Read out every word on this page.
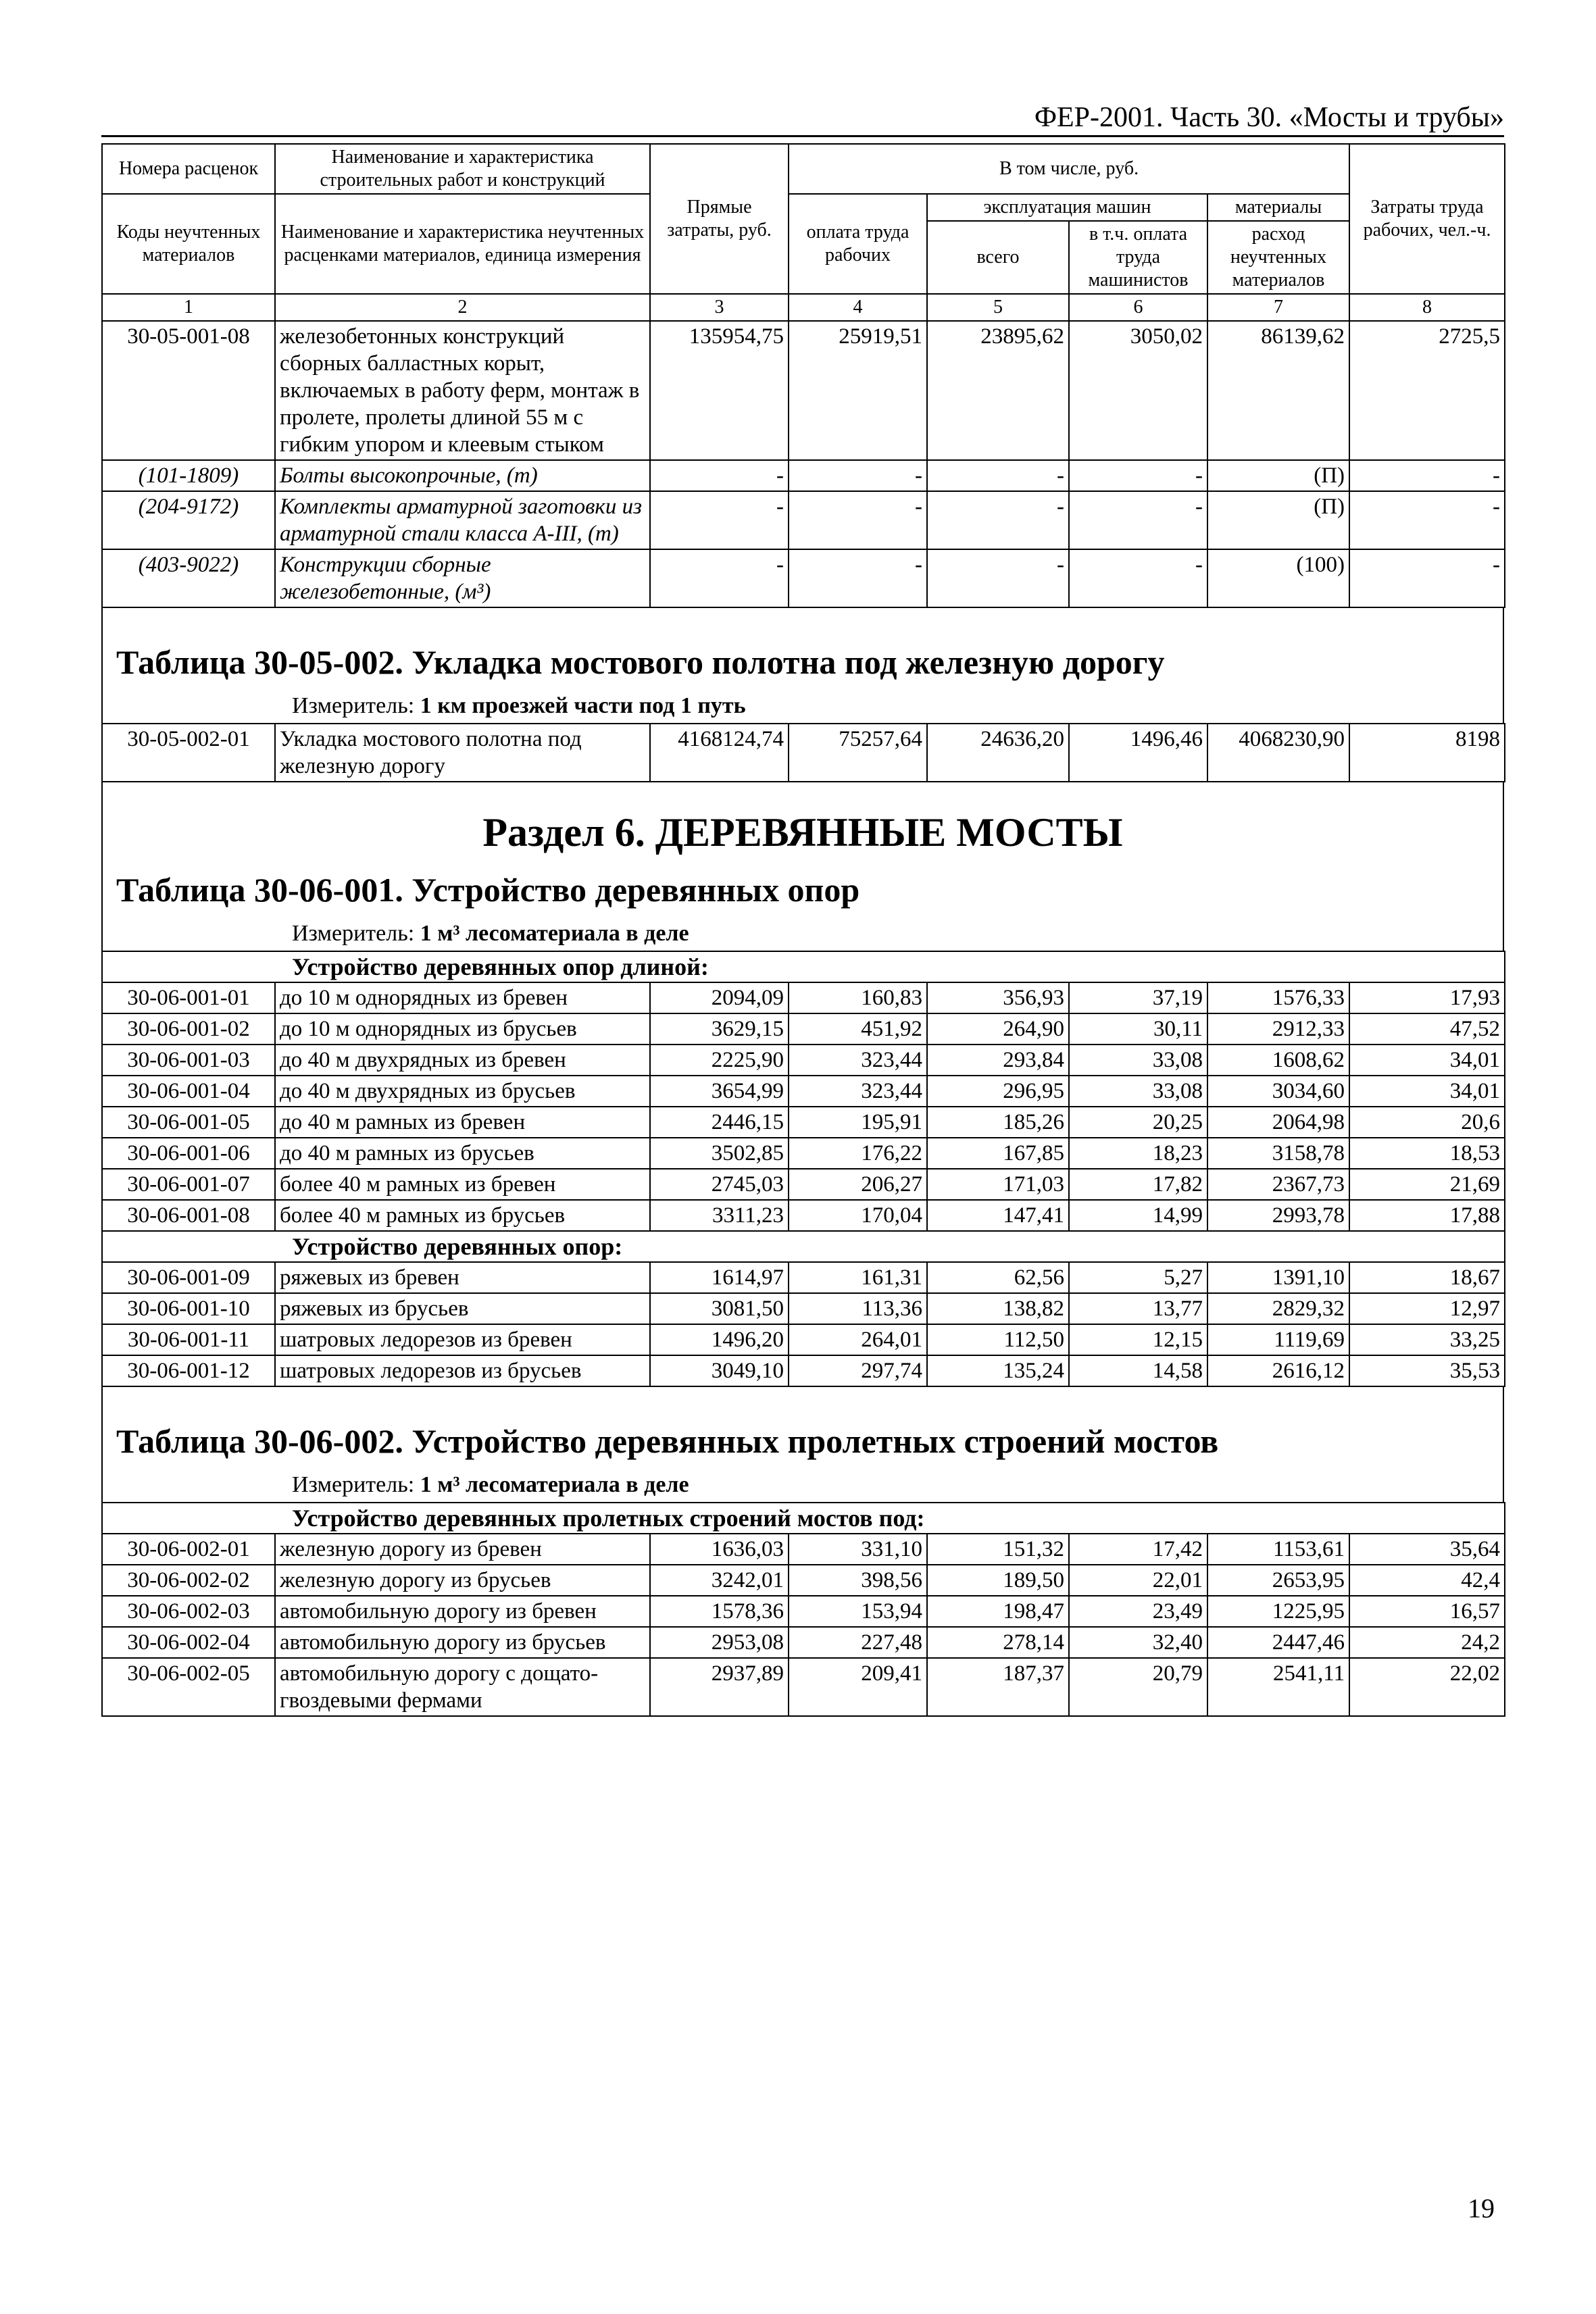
ФЕР-2001. Часть 30. «Мосты и трубы»
Номера расценок	Наименование и характеристика строительных работ и конструкций	Прямые затраты, руб.	В том числе, руб.				Затраты труда рабочих, чел.-ч.
Коды неучтенных материалов	Наименование и характеристика неучтенных расценками материалов, единица измерения		оплата труда рабочих	эксплуатация машин		материалы	
				всего	в т.ч. оплата труда машинистов	расход неучтенных материалов	
1	2	3	4	5	6	7	8
30-05-001-08	железобетонных конструкций сборных балластных корыт, включаемых в работу ферм, монтаж в пролете, пролеты длиной 55 м с гибким упором и клеевым стыком	135954,75	25919,51	23895,62	3050,02	86139,62	2725,5
(101-1809)	Болты высокопрочные, (т)	-	-	-	-	(П)	-
(204-9172)	Комплекты арматурной заготовки из арматурной стали класса А-III, (т)	-	-	-	-	(П)	-
(403-9022)	Конструкции сборные железобетонные, (м³)	-	-	-	-	(100)	-
Таблица 30-05-002. Укладка мостового полотна под железную дорогу
Измеритель: 1 км проезжей части под 1 путь
30-05-002-01	Укладка мостового полотна под железную дорогу	4168124,74	75257,64	24636,20	1496,46	4068230,90	8198
Раздел 6. ДЕРЕВЯННЫЕ МОСТЫ
Таблица 30-06-001. Устройство деревянных опор
Измеритель: 1 м³ лесоматериала в деле
Устройство деревянных опор длиной:							
30-06-001-01	до 10 м однорядных из бревен	2094,09	160,83	356,93	37,19	1576,33	17,93
30-06-001-02	до 10 м однорядных из брусьев	3629,15	451,92	264,90	30,11	2912,33	47,52
30-06-001-03	до 40 м двухрядных из бревен	2225,90	323,44	293,84	33,08	1608,62	34,01
30-06-001-04	до 40 м двухрядных из брусьев	3654,99	323,44	296,95	33,08	3034,60	34,01
30-06-001-05	до 40 м рамных из бревен	2446,15	195,91	185,26	20,25	2064,98	20,6
30-06-001-06	до 40 м рамных из брусьев	3502,85	176,22	167,85	18,23	3158,78	18,53
30-06-001-07	более 40 м рамных из бревен	2745,03	206,27	171,03	17,82	2367,73	21,69
30-06-001-08	более 40 м рамных из брусьев	3311,23	170,04	147,41	14,99	2993,78	17,88
Устройство деревянных опор:							
30-06-001-09	ряжевых из бревен	1614,97	161,31	62,56	5,27	1391,10	18,67
30-06-001-10	ряжевых из брусьев	3081,50	113,36	138,82	13,77	2829,32	12,97
30-06-001-11	шатровых ледорезов из бревен	1496,20	264,01	112,50	12,15	1119,69	33,25
30-06-001-12	шатровых ледорезов из брусьев	3049,10	297,74	135,24	14,58	2616,12	35,53
Таблица 30-06-002. Устройство деревянных пролетных строений мостов
Измеритель: 1 м³ лесоматериала в деле
Устройство деревянных пролетных строений мостов под:							
30-06-002-01	железную дорогу из бревен	1636,03	331,10	151,32	17,42	1153,61	35,64
30-06-002-02	железную дорогу из брусьев	3242,01	398,56	189,50	22,01	2653,95	42,4
30-06-002-03	автомобильную дорогу из бревен	1578,36	153,94	198,47	23,49	1225,95	16,57
30-06-002-04	автомобильную дорогу из брусьев	2953,08	227,48	278,14	32,40	2447,46	24,2
30-06-002-05	автомобильную дорогу с дощато-гвоздевыми фермами	2937,89	209,41	187,37	20,79	2541,11	22,02
19
